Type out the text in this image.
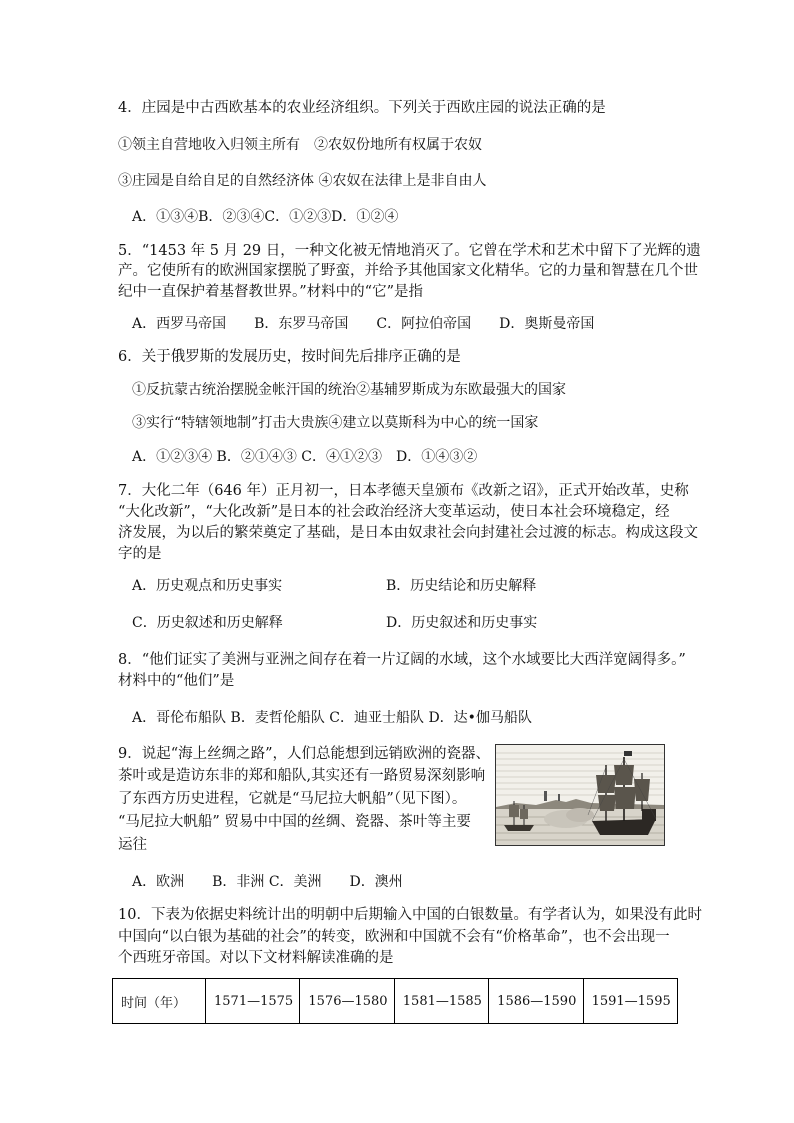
4．庄园是中古西欧基本的农业经济组织。下列关于西欧庄园的说法正确的是
①领主自营地收入归领主所有　②农奴份地所有权属于农奴
③庄园是自给自足的自然经济体 ④农奴在法律上是非自由人
A．①③④B．②③④C．①②③D．①②④
5．“1453 年 5 月 29 日，一种文化被无情地消灭了。它曾在学术和艺术中留下了光辉的遗
产。它使所有的欧洲国家摆脱了野蛮，并给予其他国家文化精华。它的力量和智慧在几个世
纪中一直保护着基督教世界。”材料中的“它”是指
A．西罗马帝国　　B．东罗马帝国　　C．阿拉伯帝国　　D．奥斯曼帝国
6．关于俄罗斯的发展历史，按时间先后排序正确的是
①反抗蒙古统治摆脱金帐汗国的统治②基辅罗斯成为东欧最强大的国家
③实行“特辖领地制”打击大贵族④建立以莫斯科为中心的统一国家
A．①②③④ B．②①④③ C．④①②③　D．①④③②
7．大化二年（646 年）正月初一，日本孝德天皇颁布《改新之诏》，正式开始改革，史称
“大化改新”，“大化改新”是日本的社会政治经济大变革运动，使日本社会环境稳定，经
济发展，为以后的繁荣奠定了基础，是日本由奴隶社会向封建社会过渡的标志。构成这段文
字的是
A．历史观点和历史事实	B．历史结论和历史解释
C．历史叙述和历史解释	D．历史叙述和历史事实
8．“他们证实了美洲与亚洲之间存在着一片辽阔的水域，这个水域要比大西洋宽阔得多。”
材料中的“他们”是
A．哥伦布船队 B．麦哲伦船队 C．迪亚士船队 D．达•伽马船队
9．说起“海上丝绸之路”，人们总能想到远销欧洲的瓷器、
茶叶或是造访东非的郑和船队,其实还有一路贸易深刻影响
了东西方历史进程，它就是“马尼拉大帆船”（见下图）。
“马尼拉大帆船” 贸易中中国的丝绸、瓷器、茶叶等主要
运往
A．欧洲　　B．非洲 C．美洲　　D．澳州
10．下表为依据史料统计出的明朝中后期输入中国的白银数量。有学者认为，如果没有此时
中国向“以白银为基础的社会”的转变，欧洲和中国就不会有“价格革命”，也不会出现一
个西班牙帝国。对以下文材料解读准确的是
时间（年）	1571—1575	1576—1580	1581—1585	1586—1590	1591—1595
